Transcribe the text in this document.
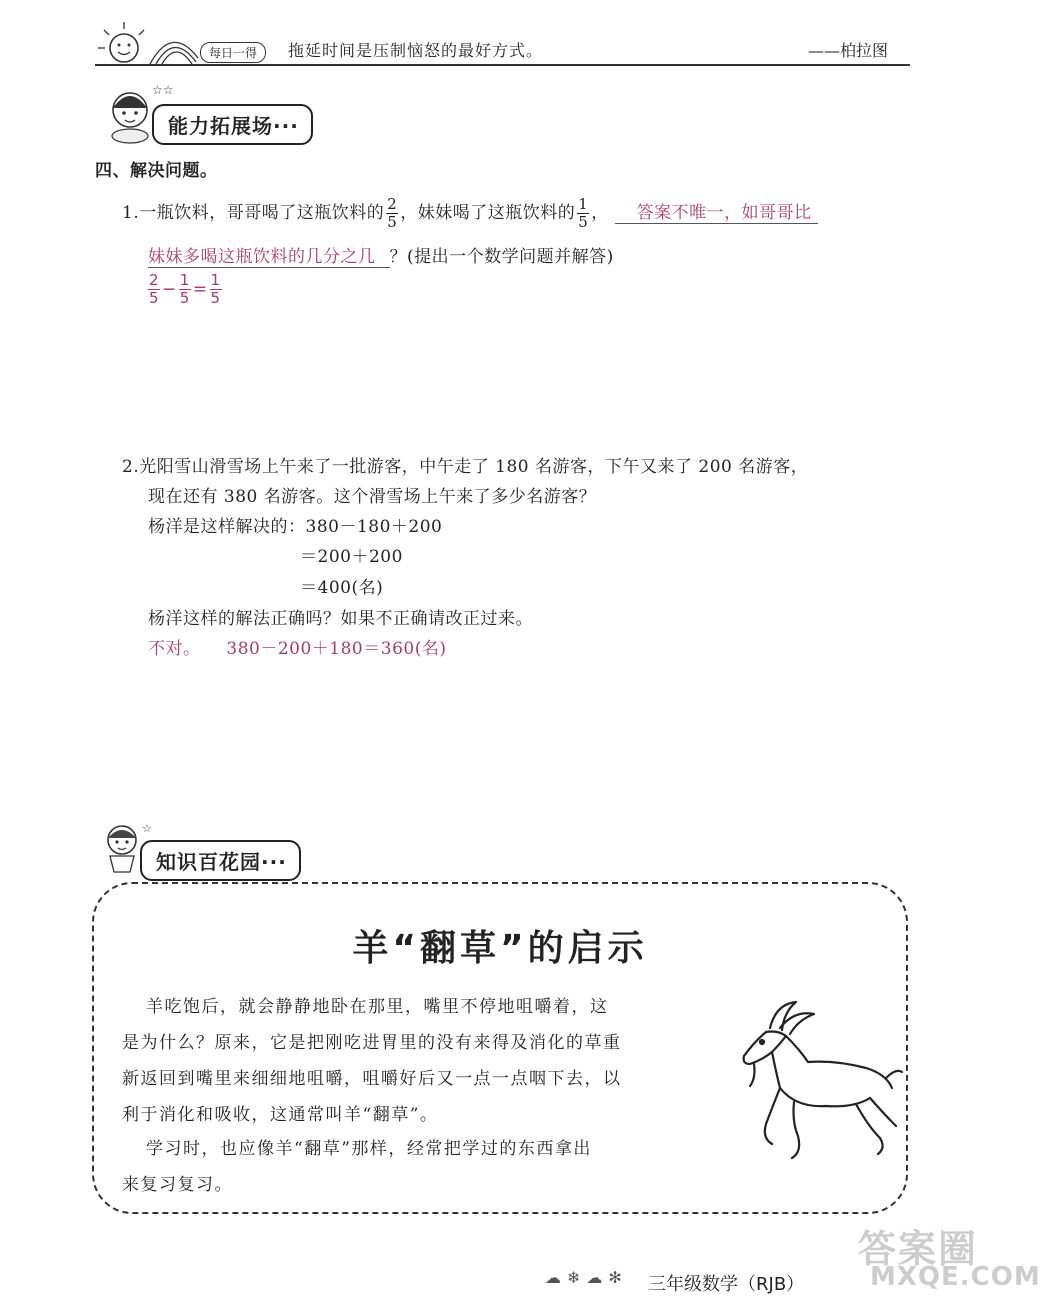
每日一得	拖延时间是压制恼怒的最好方式。	——柏拉图
☆☆
能力拓展场···
四、解决问题。
1.一瓶饮料，哥哥喝了这瓶饮料的 $\frac{2}{5}$ ，妹妹喝了这瓶饮料的 $\frac{1}{5}$ ， 答案不唯一，如哥哥比
妹妹多喝这瓶饮料的几分之几 ？(提出一个数学问题并解答)
$\frac{2}{5} - \frac{1}{5} = \frac{1}{5}$
2.光阳雪山滑雪场上午来了一批游客，中午走了 180 名游客，下午又来了 200 名游客，
现在还有 380 名游客。这个滑雪场上午来了多少名游客？
杨洋是这样解决的：380－180＋200
＝200＋200
＝400(名)
杨洋这样的解法正确吗？如果不正确请改正过来。
不对。 380－200＋180＝360(名)
☆
知识百花园···
羊“翻草”的启示
羊吃饱后，就会静静地卧在那里，嘴里不停地咀嚼着，这
是为什么？原来，它是把刚吃进胃里的没有来得及消化的草重
新返回到嘴里来细细地咀嚼，咀嚼好后又一点一点咽下去，以
利于消化和吸收，这通常叫羊“翻草”。
学习时，也应像羊“翻草”那样，经常把学过的东西拿出
来复习复习。
☁❄☁✻ 三年级数学（RJB）
答案圈
MXQE.COM
